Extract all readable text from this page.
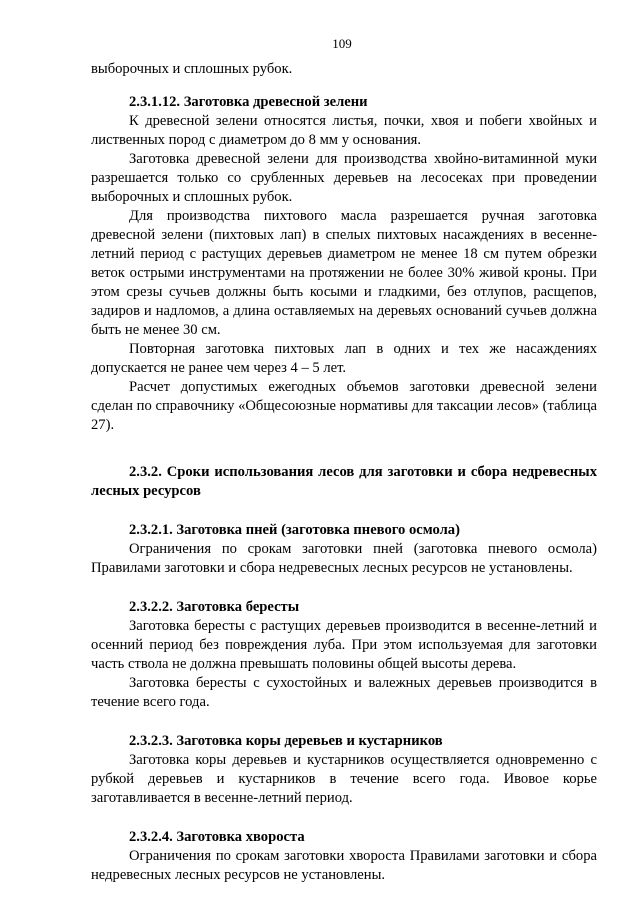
109

выборочных и сплошных рубок.

2.3.1.12. Заготовка древесной зелени

К древесной зелени относятся листья, почки, хвоя и побеги хвойных и лиственных пород с диаметром до 8 мм у основания.

Заготовка древесной зелени для производства хвойно-витаминной муки разрешается только со срубленных деревьев на лесосеках при проведении выборочных и сплошных рубок.

Для производства пихтового масла разрешается ручная заготовка древесной зелени (пихтовых лап) в спелых пихтовых насаждениях в весенне-летний период с растущих деревьев диаметром не менее 18 см путем обрезки веток острыми инструментами на протяжении не более 30% живой кроны. При этом срезы сучьев должны быть косыми и гладкими, без отлупов, расщепов, задиров и надломов, а длина оставляемых на деревьях оснований сучьев должна быть не менее 30 см.

Повторная заготовка пихтовых лап в одних и тех же насаждениях допускается не ранее чем через 4 – 5 лет.

Расчет допустимых ежегодных объемов заготовки древесной зелени сделан по справочнику «Общесоюзные нормативы для таксации лесов» (таблица 27).

2.3.2. Сроки использования лесов для заготовки и сбора недревесных лесных ресурсов

2.3.2.1. Заготовка пней (заготовка пневого осмола)

Ограничения по срокам заготовки пней (заготовка пневого осмола) Правилами заготовки и сбора недревесных лесных ресурсов не установлены.

2.3.2.2. Заготовка бересты

Заготовка бересты с растущих деревьев производится в весенне-летний и осенний период без повреждения луба. При этом используемая для заготовки часть ствола не должна превышать половины общей высоты дерева.

Заготовка бересты с сухостойных и валежных деревьев производится в течение всего года.

2.3.2.3. Заготовка коры деревьев и кустарников

Заготовка коры деревьев и кустарников осуществляется одновременно с рубкой деревьев и кустарников в течение всего года. Ивовое корье заготавливается в весенне-летний период.

2.3.2.4. Заготовка хвороста

Ограничения по срокам заготовки хвороста Правилами заготовки и сбора недревесных лесных ресурсов не установлены.
